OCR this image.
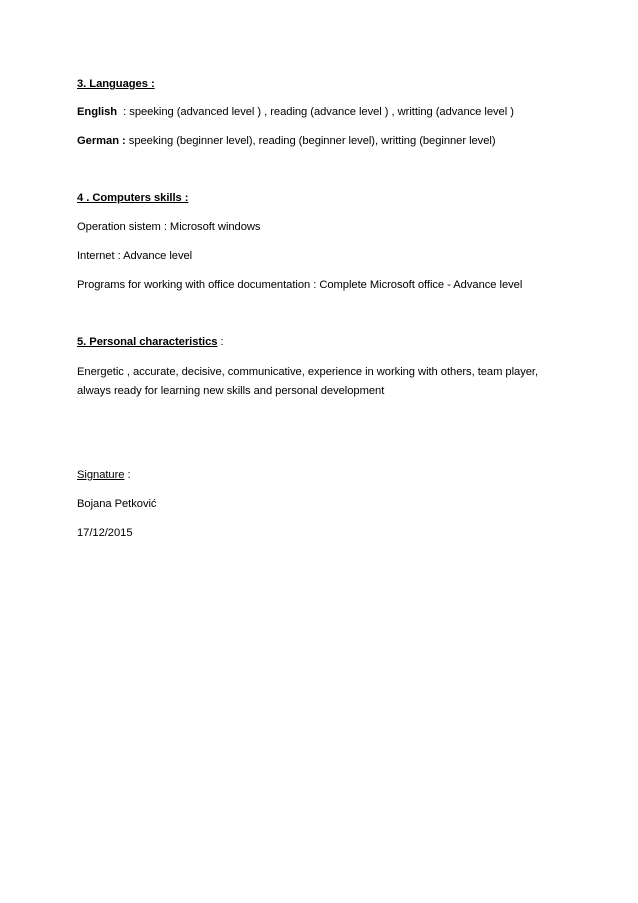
3. Languages :
English  : speeking (advanced level ) , reading (advance level ) , writting (advance level )
German : speeking (beginner level), reading (beginner level), writting (beginner level)
4 . Computers skills :
Operation sistem : Microsoft windows
Internet : Advance level
Programs for working with office documentation : Complete Microsoft office - Advance level
5. Personal characteristics :
Energetic , accurate, decisive, communicative, experience in working with others, team player, always ready for learning new skills and personal development
Signature :
Bojana Petković
17/12/2015
